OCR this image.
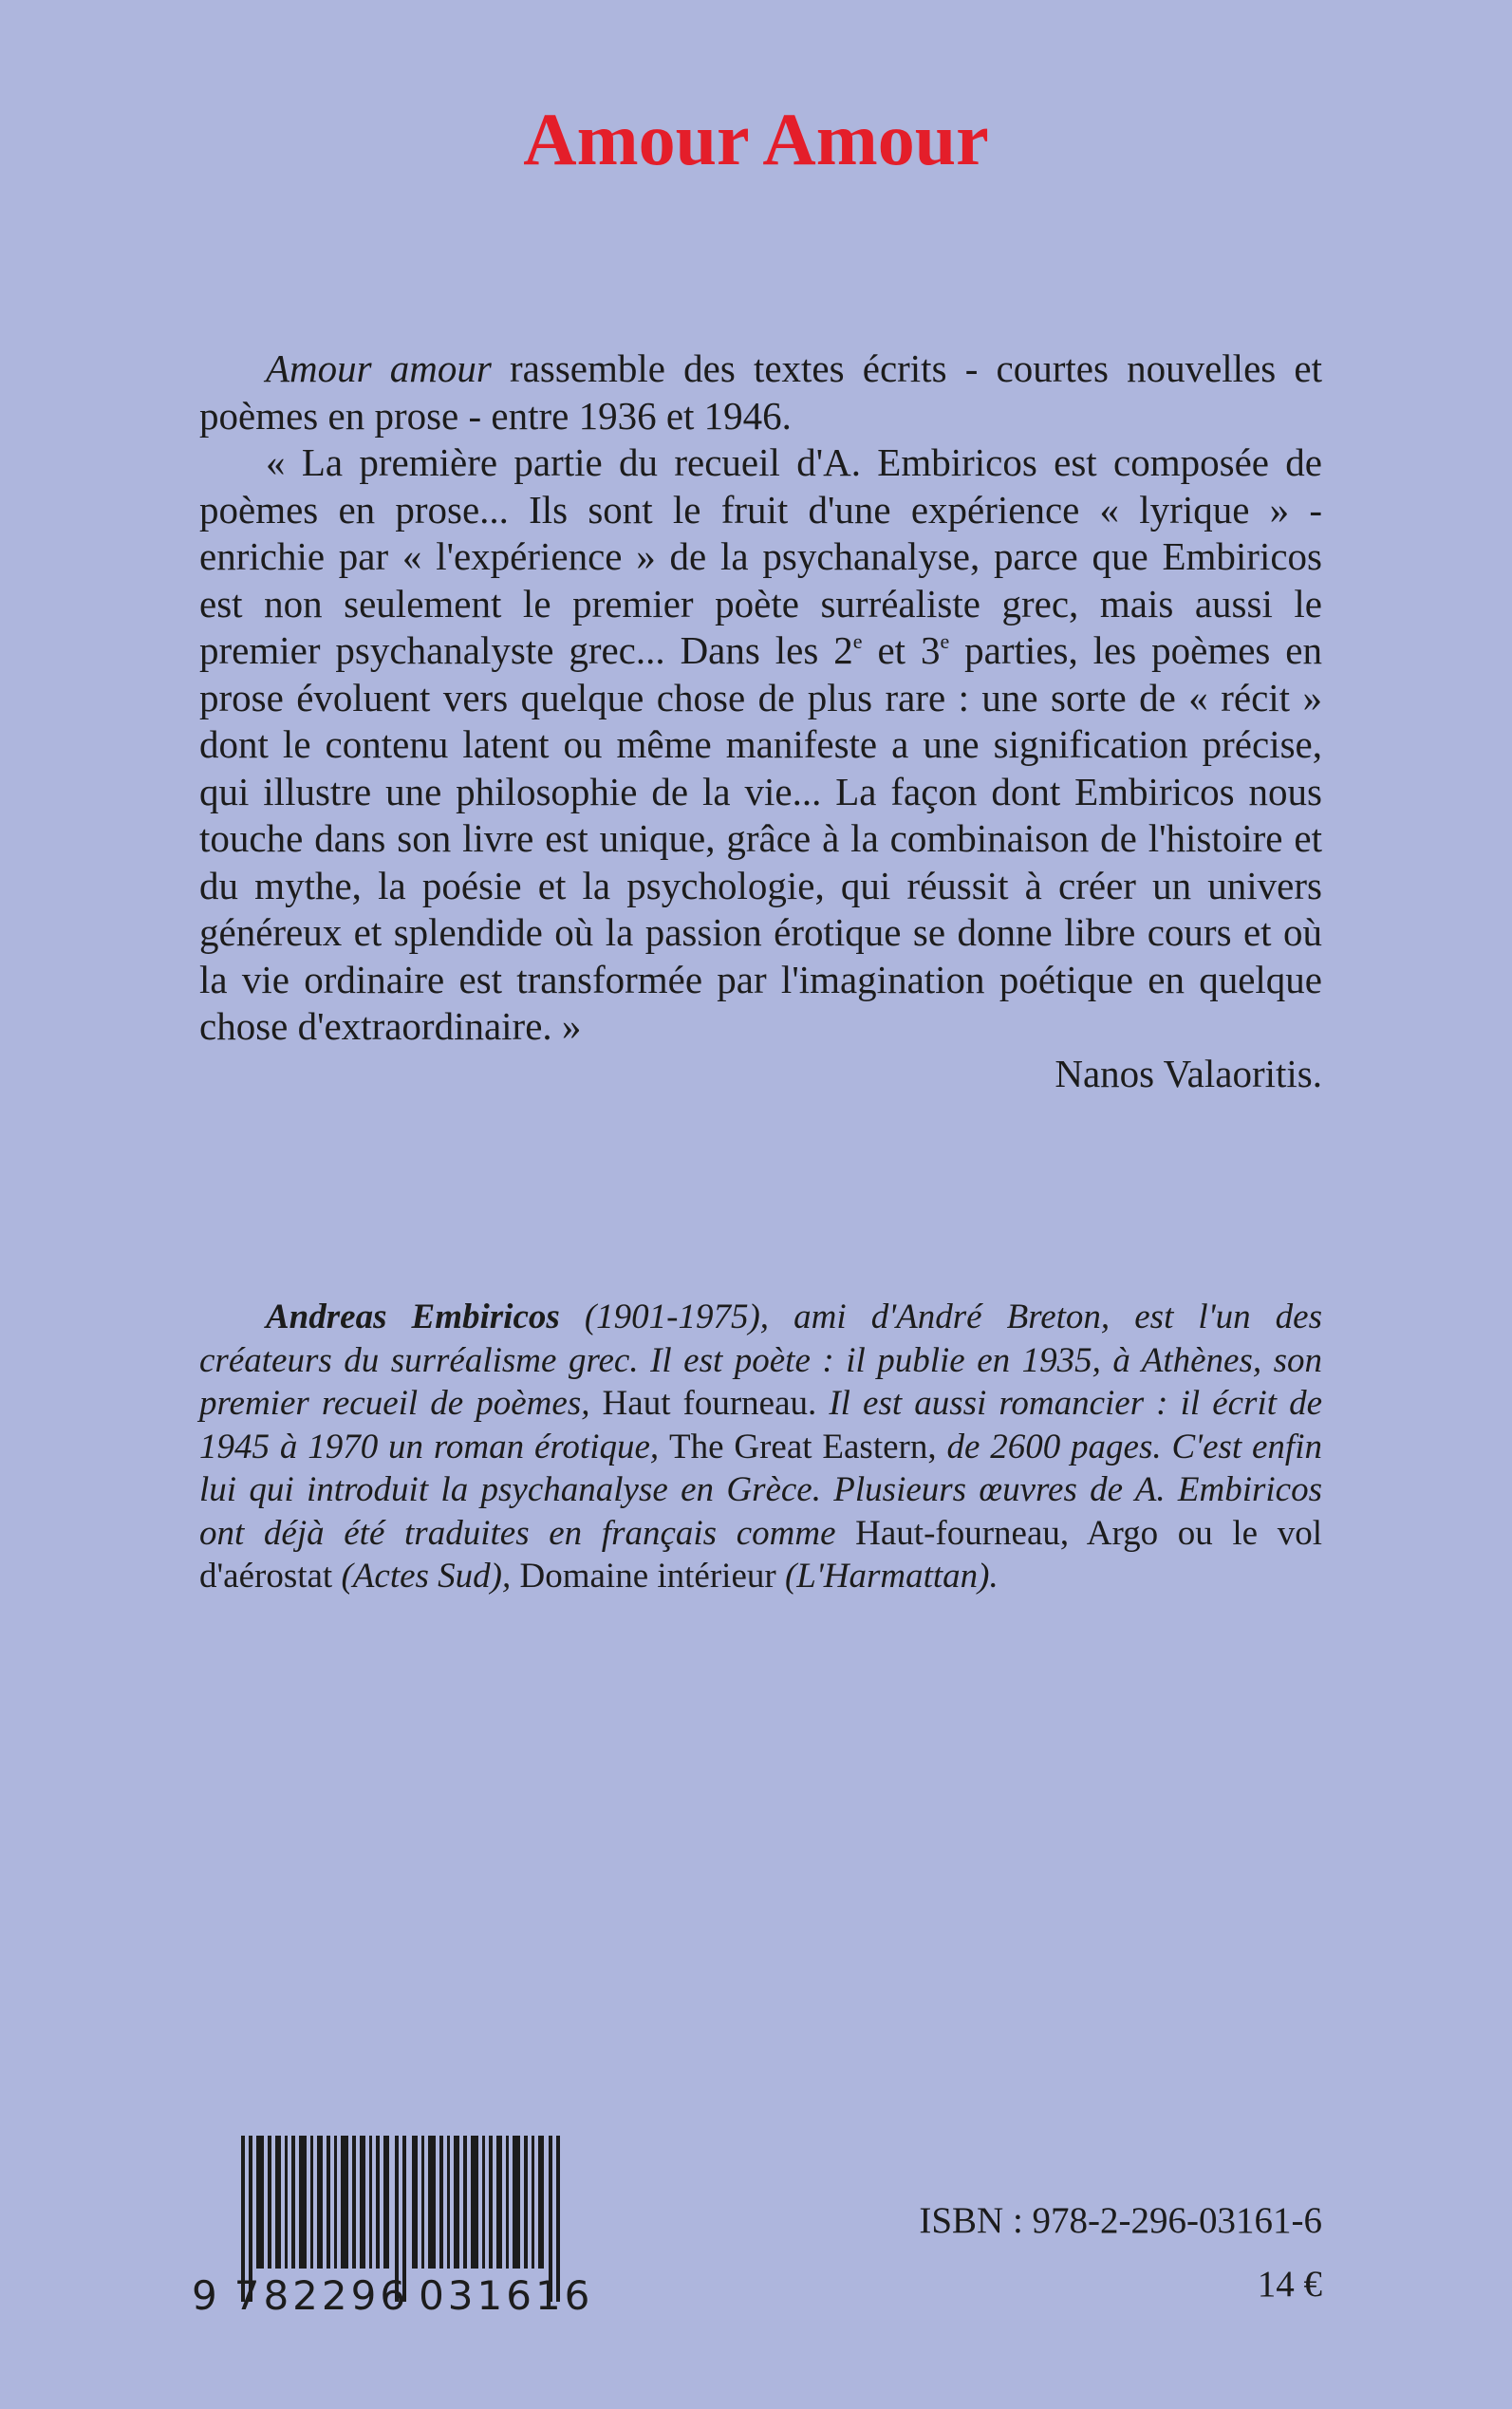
Amour Amour

Amour amour rassemble des textes écrits - courtes nouvelles et poèmes en prose - entre 1936 et 1946.

« La première partie du recueil d'A. Embiricos est composée de poèmes en prose... Ils sont le fruit d'une expérience « lyrique » - enrichie par « l'expérience » de la psychanalyse, parce que Embiricos est non seulement le premier poète surréaliste grec, mais aussi le premier psychanalyste grec... Dans les 2e et 3e parties, les poèmes en prose évoluent vers quelque chose de plus rare : une sorte de « récit » dont le contenu latent ou même manifeste a une signification précise, qui illustre une philosophie de la vie... La façon dont Embiricos nous touche dans son livre est unique, grâce à la combinaison de l'histoire et du mythe, la poésie et la psychologie, qui réussit à créer un univers généreux et splendide où la passion érotique se donne libre cours et où la vie ordinaire est transformée par l'imagination poétique en quelque chose d'extraordinaire. »

Nanos Valaoritis.

Andreas Embiricos (1901-1975), ami d'André Breton, est l'un des créateurs du surréalisme grec. Il est poète : il publie en 1935, à Athènes, son premier recueil de poèmes, Haut fourneau. Il est aussi romancier : il écrit de 1945 à 1970 un roman érotique, The Great Eastern, de 2600 pages. C'est enfin lui qui introduit la psychanalyse en Grèce. Plusieurs œuvres de A. Embiricos ont déjà été traduites en français comme Haut-fourneau, Argo ou le vol d'aérostat (Actes Sud), Domaine intérieur (L'Harmattan).

9 782296 031616
ISBN : 978-2-296-03161-6
14 €
